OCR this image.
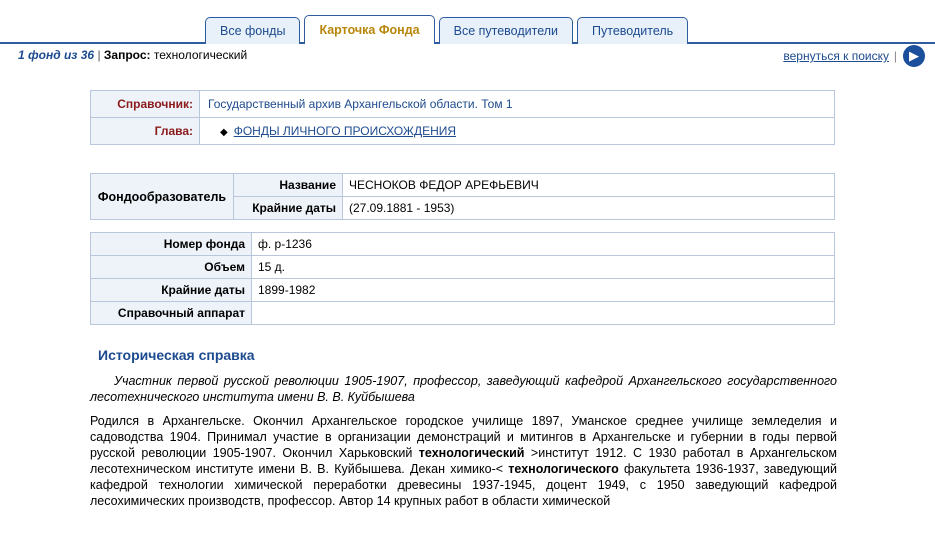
Все фонды	Карточка Фонда	Все путеводители	Путеводитель
1 фонд из 36 | Запрос: технологический	вернуться к поиску | ▶
Справочник:	Государственный архив Архангельской области. Том 1
Глава:	◆ ФОНДЫ ЛИЧНОГО ПРОИСХОЖДЕНИЯ
Фондообразователь	Название	ЧЕСНОКОВ ФЕДОР АРЕФЬЕВИЧ
	Крайние даты	(27.09.1881 - 1953)
Номер фонда	ф. р-1236
Объем	15 д.
Крайние даты	1899-1982
Справочный аппарат	
Историческая справка

Участник первой русской революции 1905-1907, профессор, заведующий кафедрой Архангельского государственного лесотехнического института имени В. В. Куйбышева

Родился в Архангельске. Окончил Архангельское городское училище 1897, Уманское среднее училище земледелия и садоводства 1904. Принимал участие в организации демонстраций и митингов в Архангельске и губернии в годы первой русской революции 1905-1907. Окончил Харьковский технологический >институт 1912. С 1930 работал в Архангельском лесотехническом институте имени В. В. Куйбышева. Декан химико-< технологического факультета 1936-1937, заведующий кафедрой технологии химической переработки древесины 1937-1945, доцент 1949, с 1950 заведующий кафедрой лесохимических производств, профессор. Автор 14 крупных работ в области химической
